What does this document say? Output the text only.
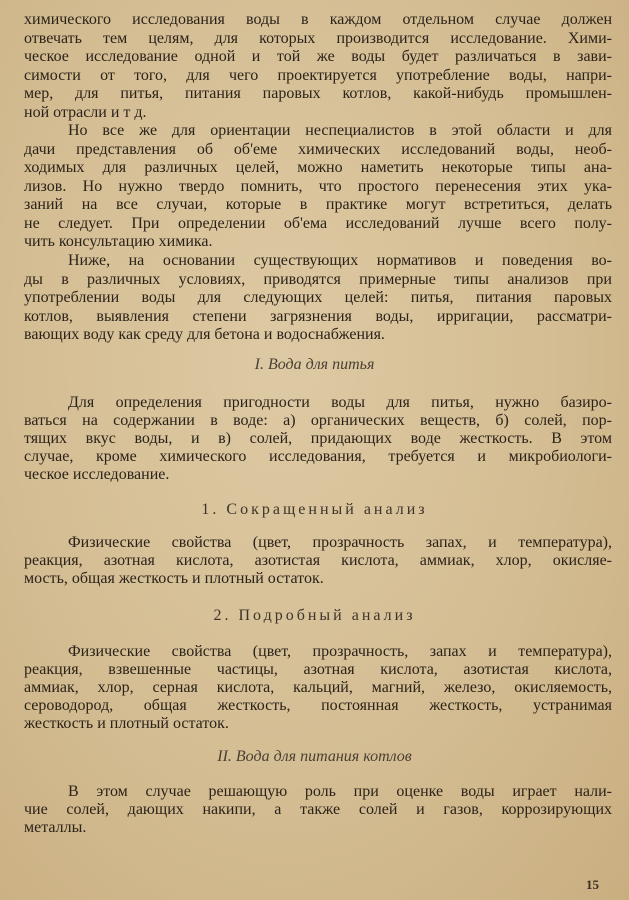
химического исследования воды в каждом отдельном случае должен
отвечать тем целям, для которых производится исследование. Хими-
ческое исследование одной и той же воды будет различаться в зави-
симости от того, для чего проектируется употребление воды, напри-
мер, для питья, питания паровых котлов, какой-нибудь промышлен-
ной отрасли и т д.
Но все же для ориентации неспециалистов в этой области и для
дачи представления об об'еме химических исследований воды, необ-
ходимых для различных целей, можно наметить некоторые типы ана-
лизов. Но нужно твердо помнить, что простого перенесения этих ука-
заний на все случаи, которые в практике могут встретиться, делать
не следует. При определении об'ема исследований лучше всего полу-
чить консультацию химика.
Ниже, на основании существующих нормативов и поведения во-
ды в различных условиях, приводятся примерные типы анализов при
употреблении воды для следующих целей: питья, питания паровых
котлов, выявления степени загрязнения воды, ирригации, рассматри-
вающих воду как среду для бетона и водоснабжения.
I. Вода для питья
Для определения пригодности воды для питья, нужно базиро-
ваться на содержании в воде: а) органических веществ, б) солей, пор-
тящих вкус воды, и в) солей, придающих воде жесткость. В этом
случае, кроме химического исследования, требуется и микробиологи-
ческое исследование.
1. Сокращенный анализ
Физические свойства (цвет, прозрачность запах, и температура),
реакция, азотная кислота, азотистая кислота, аммиак, хлор, окисляе-
мость, общая жесткость и плотный остаток.
2. Подробный анализ
Физические свойства (цвет, прозрачность, запах и температура),
реакция, взвешенные частицы, азотная кислота, азотистая кислота,
аммиак, хлор, серная кислота, кальций, магний, железо, окисляемость,
сероводород, общая жесткость, постоянная жесткость, устранимая
жесткость и плотный остаток.
II. Вода для питания котлов
В этом случае решающую роль при оценке воды играет нали-
чие солей, дающих накипи, а также солей и газов, коррозирующих
металлы.
15
